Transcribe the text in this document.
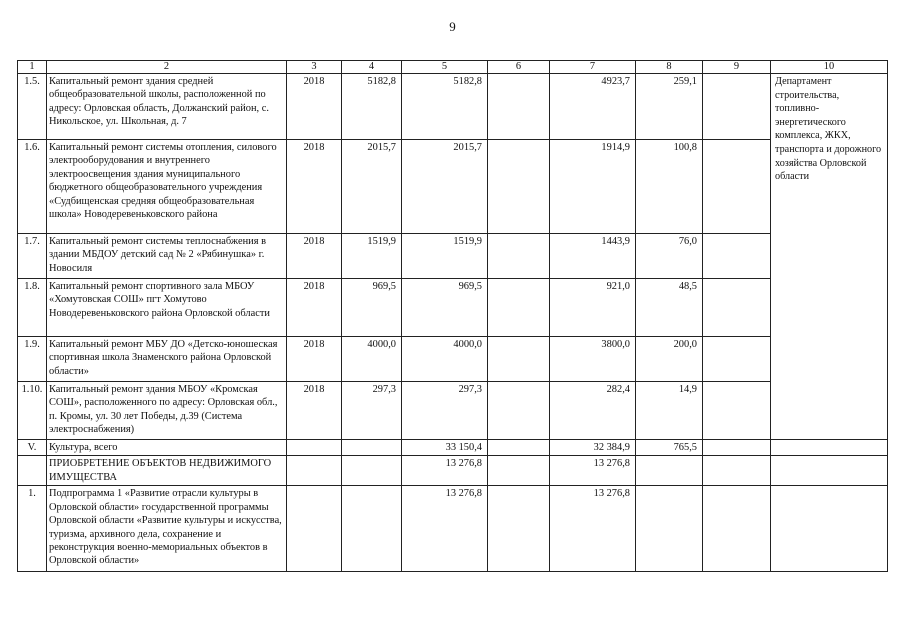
9
1	2	3	4	5	6	7	8	9	10
1.5.	Капитальный ремонт здания средней общеобразовательной школы, расположенной по адресу: Орловская область, Должанский район, с. Никольское, ул. Школьная, д. 7	2018	5182,8	5182,8		4923,7	259,1		Департамент строительства, топливно-энергетического комплекса, ЖКХ, транспорта и дорожного хозяйства Орловской области
1.6.	Капитальный ремонт системы отопления, силового электрооборудования и внутреннего электроосвещения здания муниципального бюджетного общеобразовательного учреждения «Судбищенская средняя общеобразовательная школа» Новодеревеньковского района	2018	2015,7	2015,7		1914,9	100,8		
1.7.	Капитальный ремонт системы теплоснабжения в здании МБДОУ детский сад № 2 «Рябинушка» г. Новосиля	2018	1519,9	1519,9		1443,9	76,0		
1.8.	Капитальный ремонт спортивного зала МБОУ «Хомутовская СОШ» пгт Хомутово Новодеревеньковского района Орловской области	2018	969,5	969,5		921,0	48,5		
1.9.	Капитальный ремонт МБУ ДО «Детско-юношеская спортивная школа Знаменского района Орловской области»	2018	4000,0	4000,0		3800,0	200,0		
1.10.	Капитальный ремонт здания МБОУ «Кромская СОШ», расположенного по адресу: Орловская обл., п. Кромы, ул. 30 лет Победы, д.39 (Система электроснабжения)	2018	297,3	297,3		282,4	14,9		
V.	Культура, всего			33 150,4		32 384,9	765,5		
	ПРИОБРЕТЕНИЕ ОБЪЕКТОВ НЕДВИЖИМОГО ИМУЩЕСТВА			13 276,8		13 276,8			
1.	Подпрограмма 1 «Развитие отрасли культуры в Орловской области» государственной программы Орловской области «Развитие культуры и искусства, туризма, архивного дела, сохранение и реконструкция военно-мемориальных объектов в Орловской области»			13 276,8		13 276,8			
